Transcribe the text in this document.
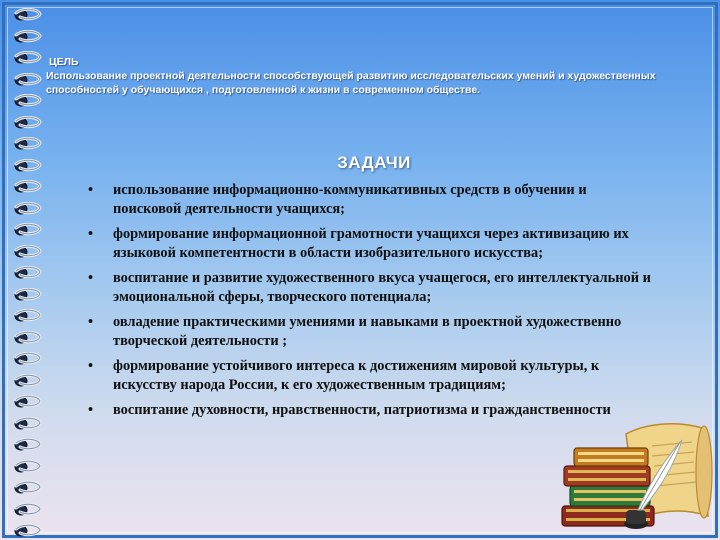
ЦЕЛЬ
Использование проектной деятельности способствующей развитию исследовательских умений и художественных способностей у обучающихся , подготовленной к жизни в современном обществе.
ЗАДАЧИ
• использование информационно-коммуникативных средств в обучении и поисковой деятельности учащихся;
• формирование информационной грамотности учащихся через активизацию их языковой компетентности в области изобразительного искусства;
• воспитание и развитие художественного вкуса учащегося, его интеллектуальной и эмоциональной сферы, творческого потенциала;
• овладение практическими умениями и навыками в проектной художественно творческой деятельности ;
• формирование устойчивого интереса к достижениям мировой культуры, к искусству народа России, к его художественным традициям;
• воспитание духовности, нравственности, патриотизма и гражданственности
